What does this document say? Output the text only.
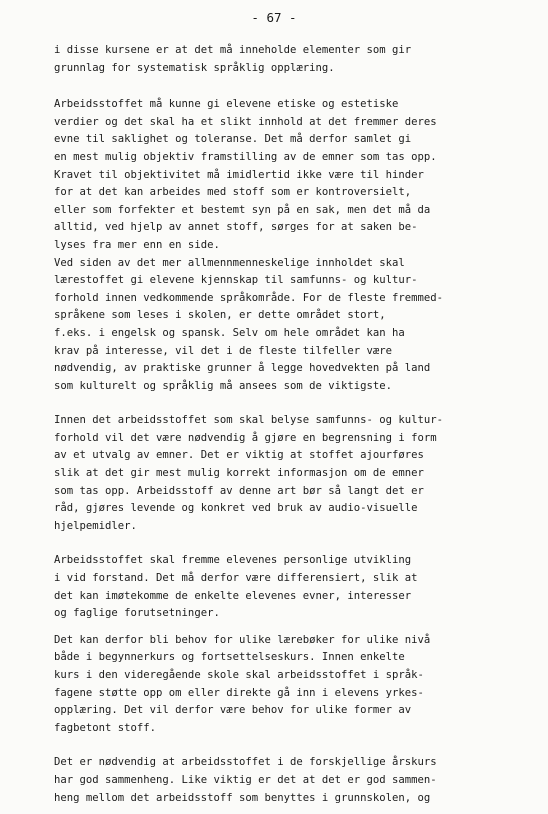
- 67 -
i disse kursene er at det må inneholde elementer som gir
grunnlag for systematisk språklig opplæring.
Arbeidsstoffet må kunne gi elevene etiske og estetiske
verdier og det skal ha et slikt innhold at det fremmer deres
evne til saklighet og toleranse. Det må derfor samlet gi
en mest mulig objektiv framstilling av de emner som tas opp.
Kravet til objektivitet må imidlertid ikke være til hinder
for at det kan arbeides med stoff som er kontroversielt,
eller som forfekter et bestemt syn på en sak, men det må da
alltid, ved hjelp av annet stoff, sørges for at saken be-
lyses fra mer enn en side.
Ved siden av det mer allmennmenneskelige innholdet skal
lærestoffet gi elevene kjennskap til samfunns- og kultur-
forhold innen vedkommende språkområde. For de fleste fremmed-
språkene som leses i skolen, er dette området stort,
f.eks. i engelsk og spansk. Selv om hele området kan ha
krav på interesse, vil det i de fleste tilfeller være
nødvendig, av praktiske grunner å legge hovedvekten på land
som kulturelt og språklig må ansees som de viktigste.
Innen det arbeidsstoffet som skal belyse samfunns- og kultur-
forhold vil det være nødvendig å gjøre en begrensning i form
av et utvalg av emner. Det er viktig at stoffet ajourføres
slik at det gir mest mulig korrekt informasjon om de emner
som tas opp. Arbeidsstoff av denne art bør så langt det er
råd, gjøres levende og konkret ved bruk av audio-visuelle
hjelpemidler.
Arbeidsstoffet skal fremme elevenes personlige utvikling
i vid forstand. Det må derfor være differensiert, slik at
det kan imøtekomme de enkelte elevenes evner, interesser
og faglige forutsetninger.
Det kan derfor bli behov for ulike lærebøker for ulike nivå
både i begynnerkurs og fortsettelseskurs. Innen enkelte
kurs i den videregående skole skal arbeidsstoffet i språk-
fagene støtte opp om eller direkte gå inn i elevens yrkes-
opplæring. Det vil derfor være behov for ulike former av
fagbetont stoff.
Det er nødvendig at arbeidsstoffet i de forskjellige årskurs
har god sammenheng. Like viktig er det at det er god sammen-
heng mellom det arbeidsstoff som benyttes i grunnskolen, og
